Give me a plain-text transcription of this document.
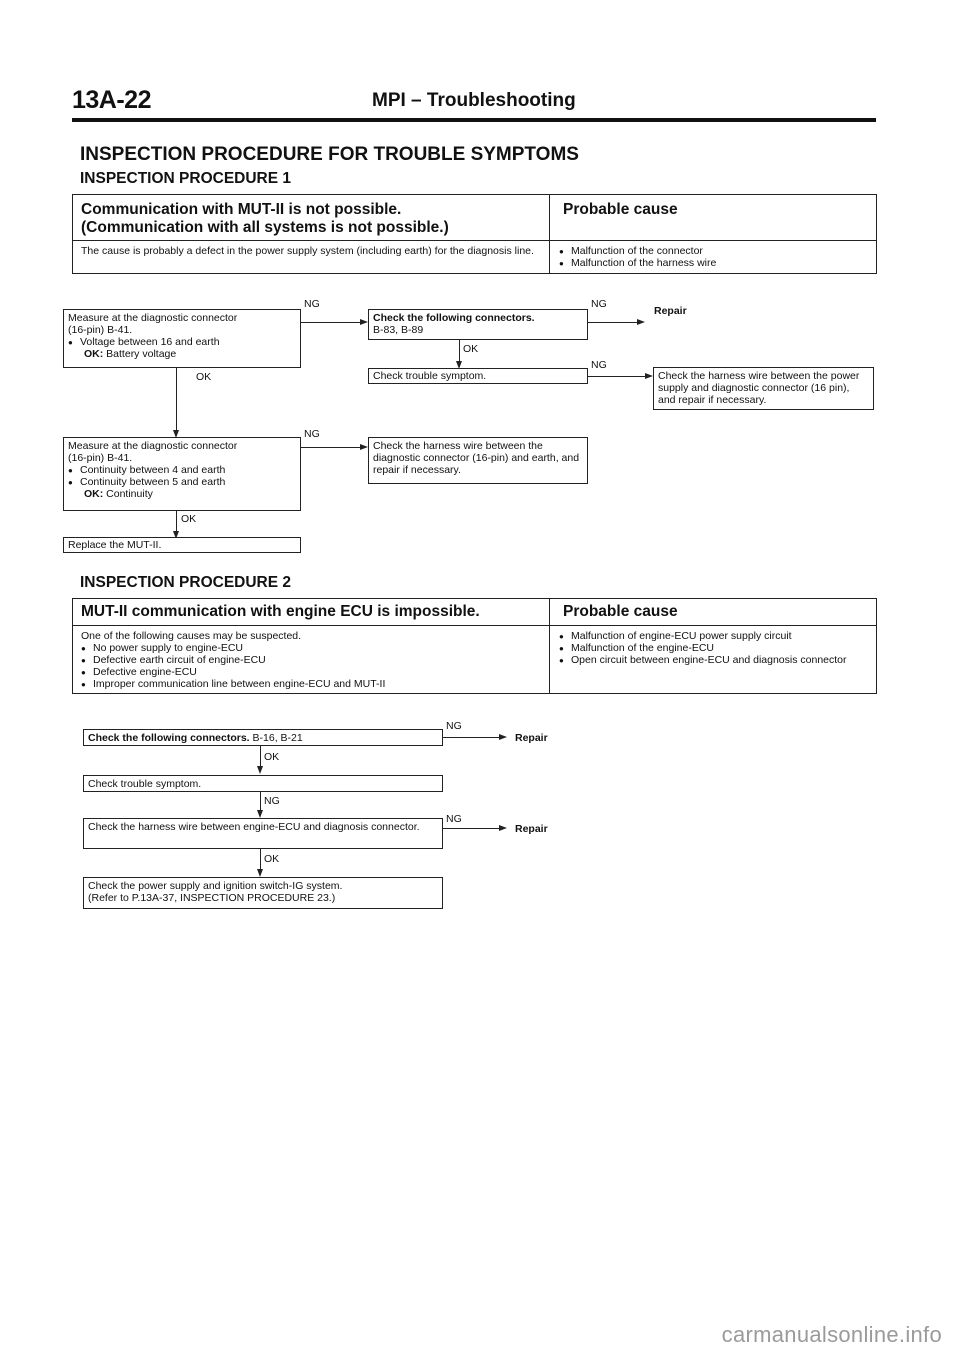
13A-22	MPI – Troubleshooting
INSPECTION PROCEDURE FOR TROUBLE SYMPTOMS
INSPECTION PROCEDURE 1
Communication with MUT-II is not possible.
(Communication with all systems is not possible.)
Probable cause
The cause is probably a defect in the power supply system (including earth) for the diagnosis line.
●	Malfunction of the connector
● Malfunction of the harness wire
Measure at the diagnostic connector
(16-pin) B-41.
● Voltage between 16 and earth
OK: Battery voltage
NG
Check the following connectors.
B-83, B-89
NG
Repair
OK
Check trouble symptom.
NG
Check the harness wire between the power supply and diagnostic connector (16 pin), and repair if necessary.
OK
Measure at the diagnostic connector
(16-pin) B-41.
● Continuity between 4 and earth
● Continuity between 5 and earth
OK: Continuity
NG
Check the harness wire between the diagnostic connector (16-pin) and earth, and repair if necessary.
OK
Replace the MUT-II.
INSPECTION PROCEDURE 2
MUT-II communication with engine ECU is impossible.	Probable cause
One of the following causes may be suspected.
● No power supply to engine-ECU
● Defective earth circuit of engine-ECU
● Defective engine-ECU
● Improper communication line between engine-ECU and MUT-II
● Malfunction of engine-ECU power supply circuit
● Malfunction of the engine-ECU
● Open circuit between engine-ECU and diagnosis connector
Check the following connectors. B-16, B-21
NG
Repair
OK
Check trouble symptom.
NG
Check the harness wire between engine-ECU and diagnosis connector.
NG
Repair
OK
Check the power supply and ignition switch-IG system.
(Refer to P.13A-37, INSPECTION PROCEDURE 23.)
carmanualsonline.info
